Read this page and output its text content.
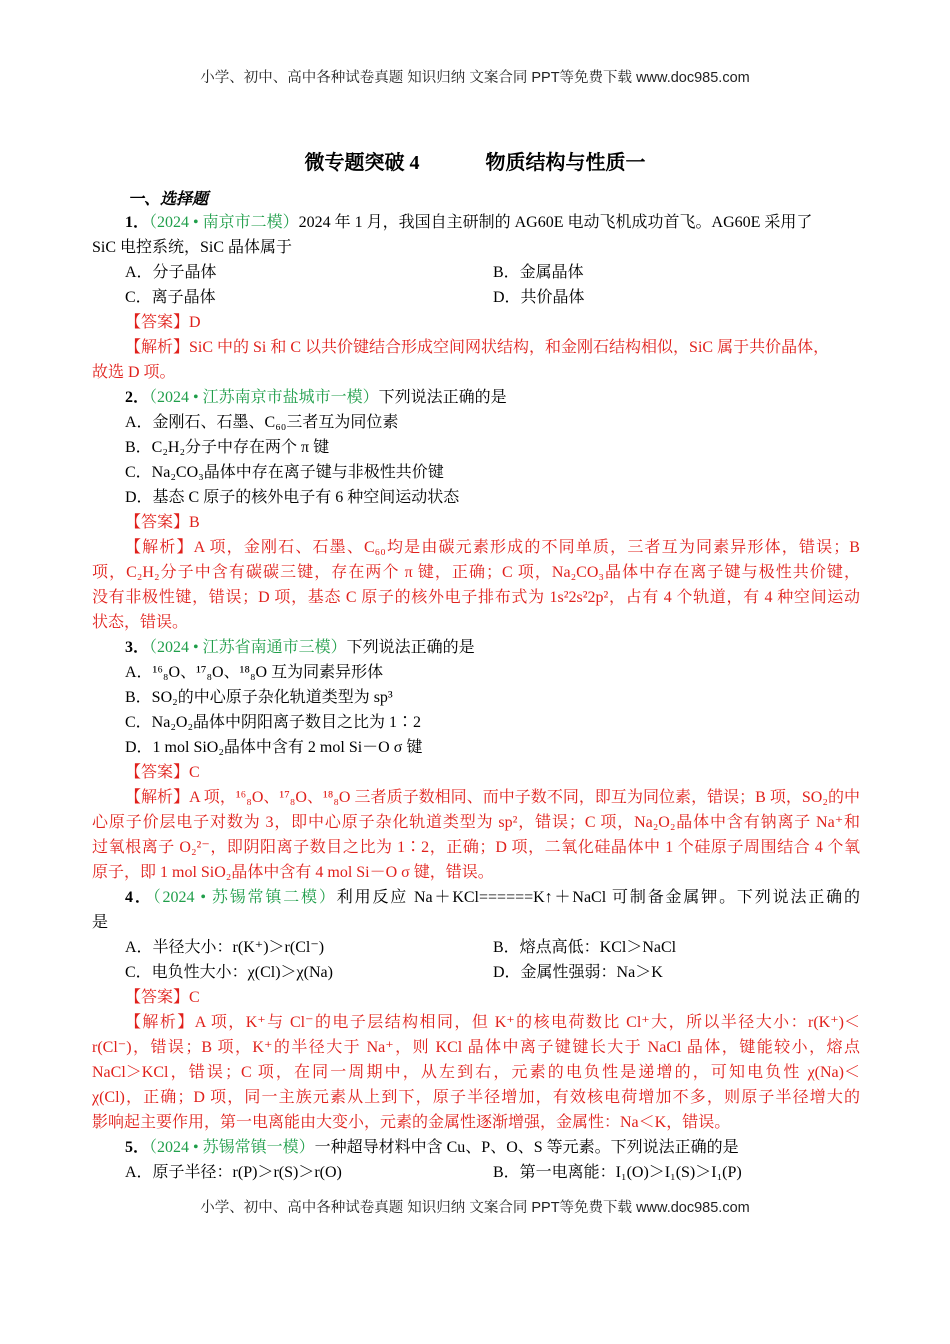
小学、初中、高中各种试卷真题 知识归纳 文案合同 PPT等免费下载 www.doc985.com
微专题突破 4	物质结构与性质一
一、选择题
1．（2024 • 南京市二模）2024 年 1 月，我国自主研制的 AG60E 电动飞机成功首飞。AG60E 采用了
SiC 电控系统，SiC 晶体属于
A．分子晶体	B．金属晶体
C．离子晶体	D．共价晶体
【答案】D
【解析】SiC 中的 Si 和 C 以共价键结合形成空间网状结构，和金刚石结构相似，SiC 属于共价晶体，
故选 D 项。
2．（2024 • 江苏南京市盐城市一模）下列说法正确的是
A．金刚石、石墨、C₆₀三者互为同位素
B．C₂H₂分子中存在两个 π 键
C．Na₂CO₃晶体中存在离子键与非极性共价键
D．基态 C 原子的核外电子有 6 种空间运动状态
【答案】B
【解析】A 项，金刚石、石墨、C₆₀均是由碳元素形成的不同单质，三者互为同素异形体，错误；B
项，C₂H₂分子中含有碳碳三键，存在两个 π 键，正确；C 项，Na₂CO₃晶体中存在离子键与极性共价键，
没有非极性键，错误；D 项，基态 C 原子的核外电子排布式为 1s²2s²2p²，占有 4 个轨道，有 4 种空间运动
状态，错误。
3．（2024 • 江苏省南通市三模）下列说法正确的是
A．¹⁶₈O、¹⁷₈O、¹⁸₈O 互为同素异形体
B．SO₂的中心原子杂化轨道类型为 sp³
C．Na₂O₂晶体中阴阳离子数目之比为 1∶2
D．1 mol SiO₂晶体中含有 2 mol Si－O σ 键
【答案】C
【解析】A 项，¹⁶₈O、¹⁷₈O、¹⁸₈O 三者质子数相同、而中子数不同，即互为同位素，错误；B 项，SO₂的中
心原子价层电子对数为 3，即中心原子杂化轨道类型为 sp²，错误；C 项，Na₂O₂晶体中含有钠离子 Na⁺和
过氧根离子 O₂²⁻，即阴阳离子数目之比为 1∶2，正确；D 项，二氧化硅晶体中 1 个硅原子周围结合 4 个氧
原子，即 1 mol SiO₂晶体中含有 4 mol Si－O σ 键，错误。
4．（2024 • 苏锡常镇二模）利用反应 Na＋KCl======K↑＋NaCl 可制备金属钾。下列说法正确的
是
A．半径大小：r(K⁺)＞r(Cl⁻)	B．熔点高低：KCl＞NaCl
C．电负性大小：χ(Cl)＞χ(Na)	D．金属性强弱：Na＞K
【答案】C
【解析】A 项，K⁺与 Cl⁻的电子层结构相同，但 K⁺的核电荷数比 Cl⁺大，所以半径大小：r(K⁺)＜
r(Cl⁻)，错误；B 项，K⁺的半径大于 Na⁺，则 KCl 晶体中离子键键长大于 NaCl 晶体，键能较小，熔点
NaCl＞KCl，错误；C 项，在同一周期中，从左到右，元素的电负性是递增的，可知电负性 χ(Na)＜
χ(Cl)，正确；D 项，同一主族元素从上到下，原子半径增加，有效核电荷增加不多，则原子半径增大的
影响起主要作用，第一电离能由大变小，元素的金属性逐渐增强，金属性：Na＜K，错误。
5．（2024 • 苏锡常镇一模）一种超导材料中含 Cu、P、O、S 等元素。下列说法正确的是
A．原子半径：r(P)＞r(S)＞r(O)	B．第一电离能：I₁(O)＞I₁(S)＞I₁(P)
小学、初中、高中各种试卷真题 知识归纳 文案合同 PPT等免费下载 www.doc985.com
